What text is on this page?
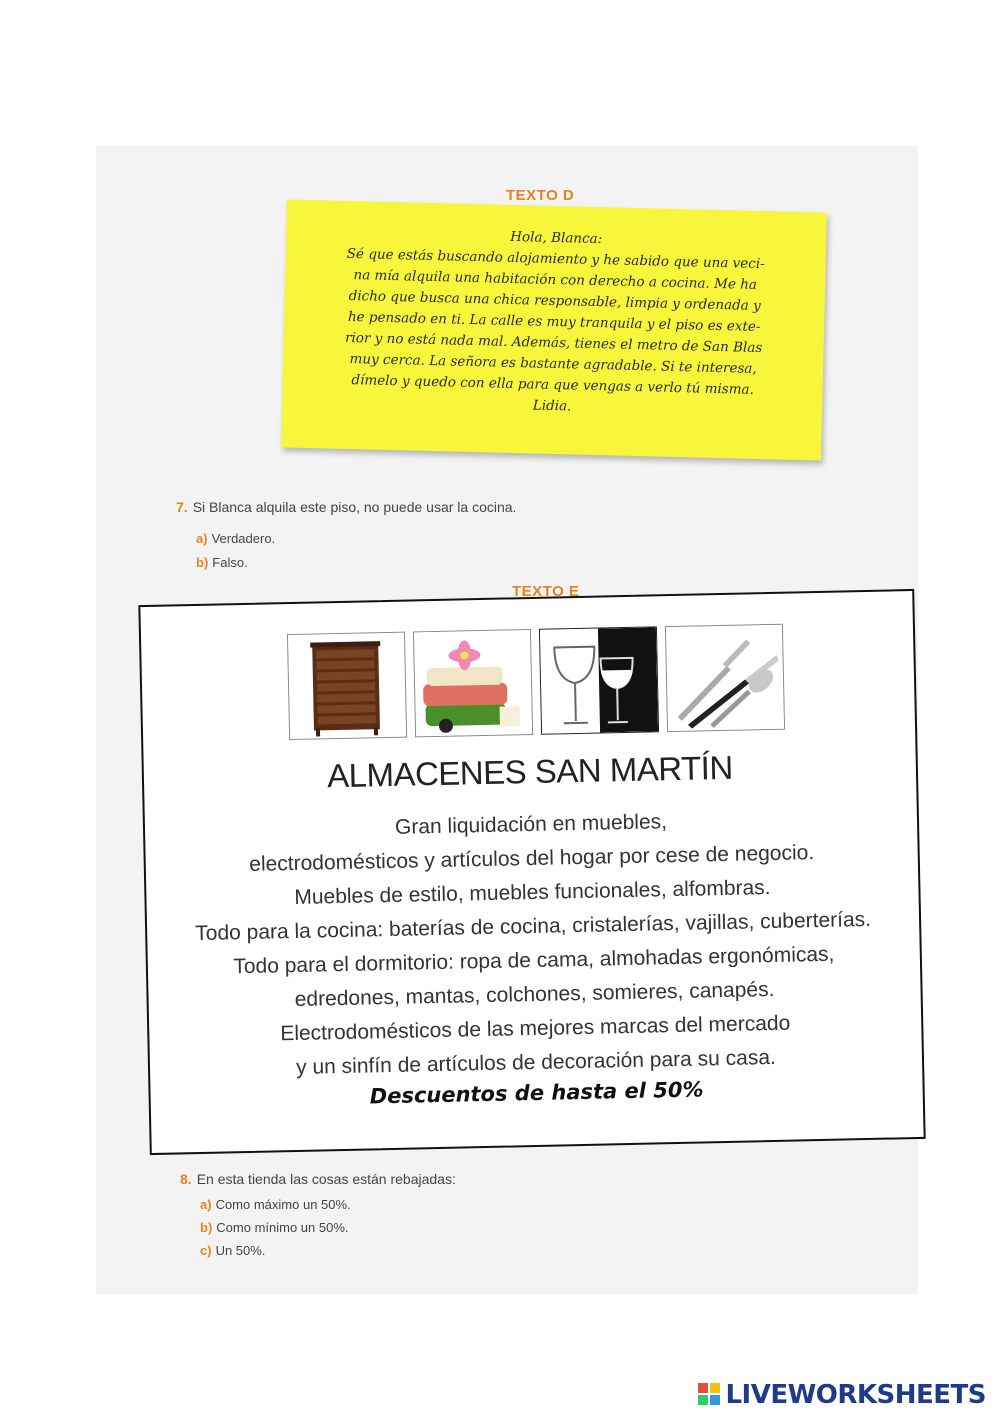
TEXTO D

Hola, Blanca:

Sé que estás buscando alojamiento y he sabido que una veci-

na mía alquila una habitación con derecho a cocina. Me ha

dicho que busca una chica responsable, limpia y ordenada y

he pensado en ti. La calle es muy tranquila y el piso es exte-

rior y no está nada mal. Además, tienes el metro de San Blas

muy cerca. La señora es bastante agradable. Si te interesa,

dímelo y quedo con ella para que vengas a verlo tú misma.

Lidia.

7. Si Blanca alquila este piso, no puede usar la cocina.
a) Verdadero.
b) Falso.
TEXTO E
ALMACENES SAN MARTÍN
Gran liquidación en muebles,
electrodomésticos y artículos del hogar por cese de negocio.
Muebles de estilo, muebles funcionales, alfombras.
Todo para la cocina: baterías de cocina, cristalerías, vajillas, cuberterías.
Todo para el dormitorio: ropa de cama, almohadas ergonómicas,
edredones, mantas, colchones, somieres, canapés.
Electrodomésticos de las mejores marcas del mercado
y un sinfín de artículos de decoración para su casa.
Descuentos de hasta el 50%
8. En esta tienda las cosas están rebajadas:
a) Como máximo un 50%.
b) Como mínimo un 50%.
c) Un 50%.
LIVEWORKSHEETS
